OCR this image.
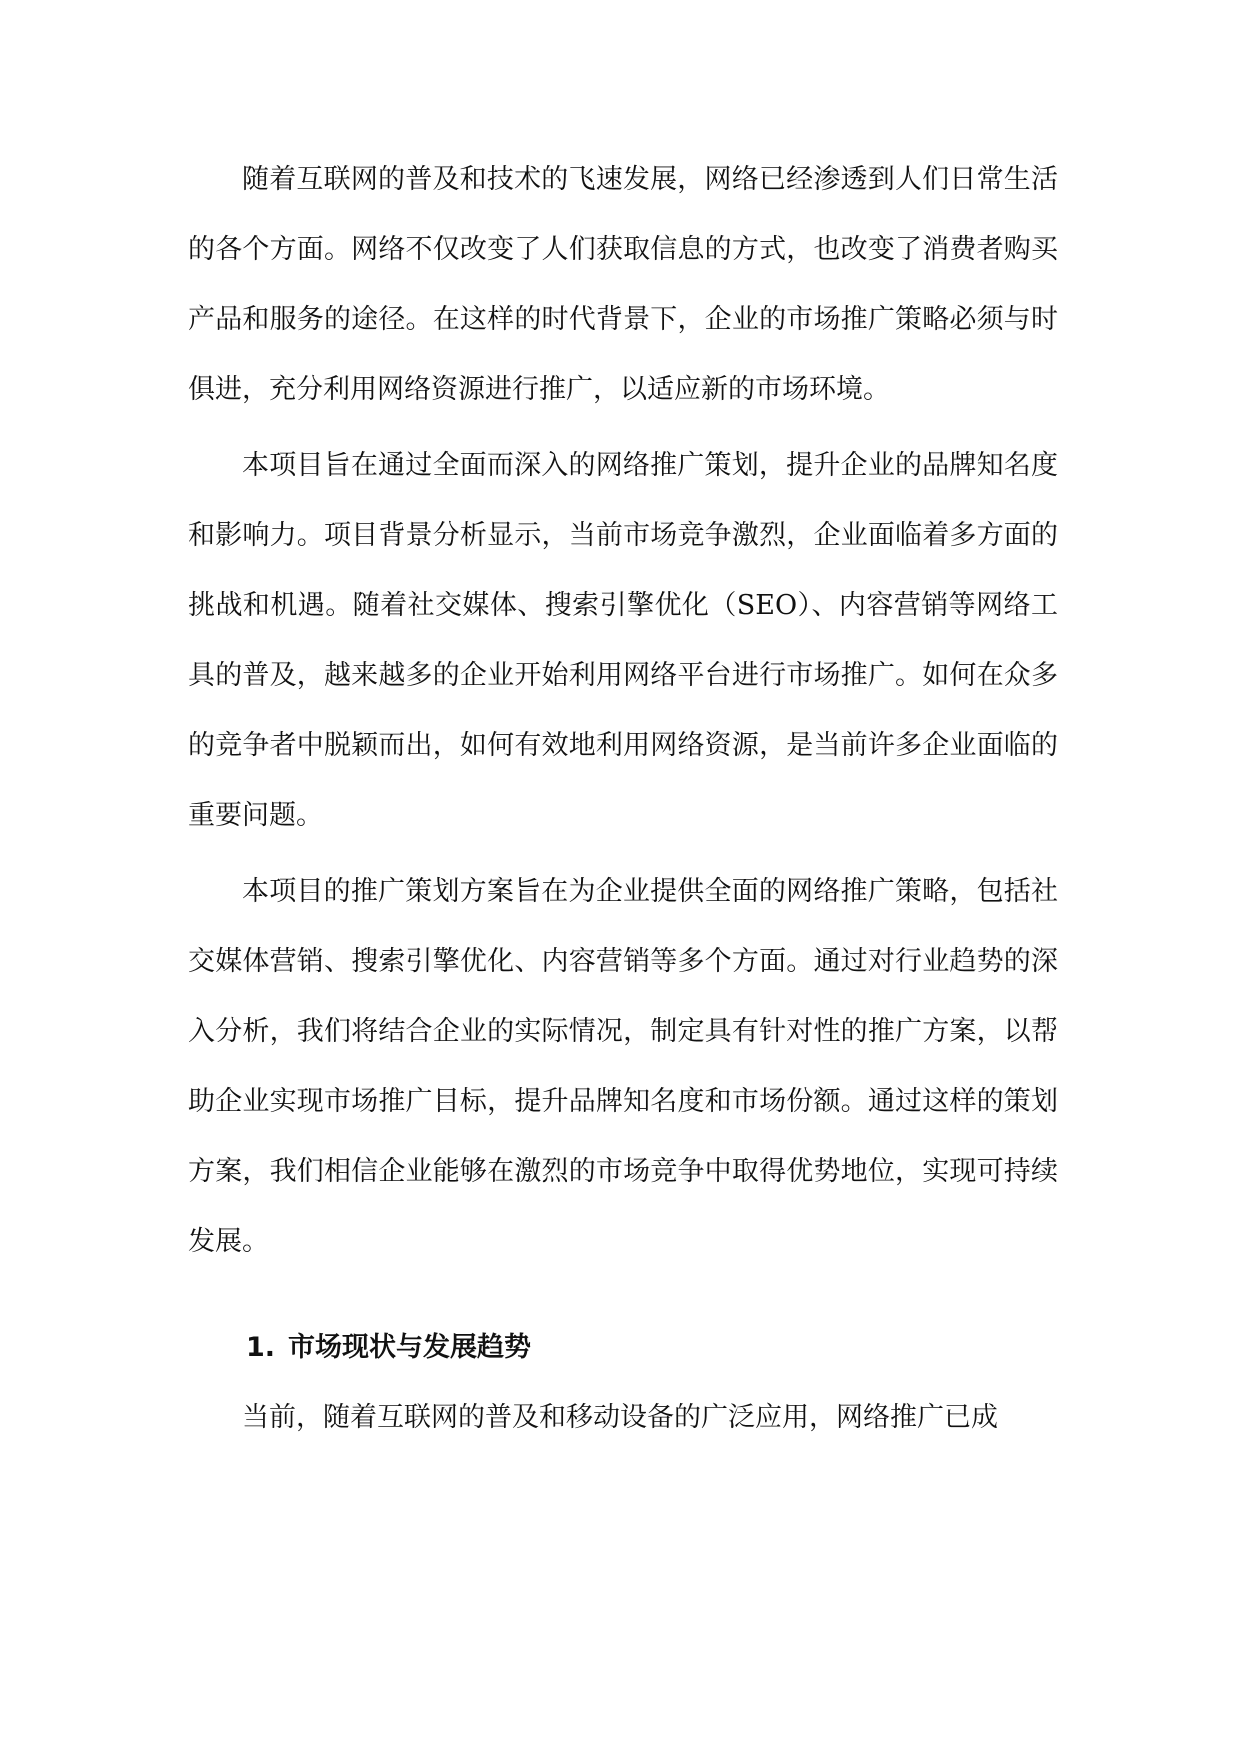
随着互联网的普及和技术的飞速发展，网络已经渗透到人们日常生活的各个方面。网络不仅改变了人们获取信息的方式，也改变了消费者购买产品和服务的途径。在这样的时代背景下，企业的市场推广策略必须与时俱进，充分利用网络资源进行推广，以适应新的市场环境。

本项目旨在通过全面而深入的网络推广策划，提升企业的品牌知名度和影响力。项目背景分析显示，当前市场竞争激烈，企业面临着多方面的挑战和机遇。随着社交媒体、搜索引擎优化（SEO）、内容营销等网络工具的普及，越来越多的企业开始利用网络平台进行市场推广。如何在众多的竞争者中脱颖而出，如何有效地利用网络资源，是当前许多企业面临的重要问题。

本项目的推广策划方案旨在为企业提供全面的网络推广策略，包括社交媒体营销、搜索引擎优化、内容营销等多个方面。通过对行业趋势的深入分析，我们将结合企业的实际情况，制定具有针对性的推广方案，以帮助企业实现市场推广目标，提升品牌知名度和市场份额。通过这样的策划方案，我们相信企业能够在激烈的市场竞争中取得优势地位，实现可持续发展。

1. 市场现状与发展趋势

当前，随着互联网的普及和移动设备的广泛应用，网络推广已成
